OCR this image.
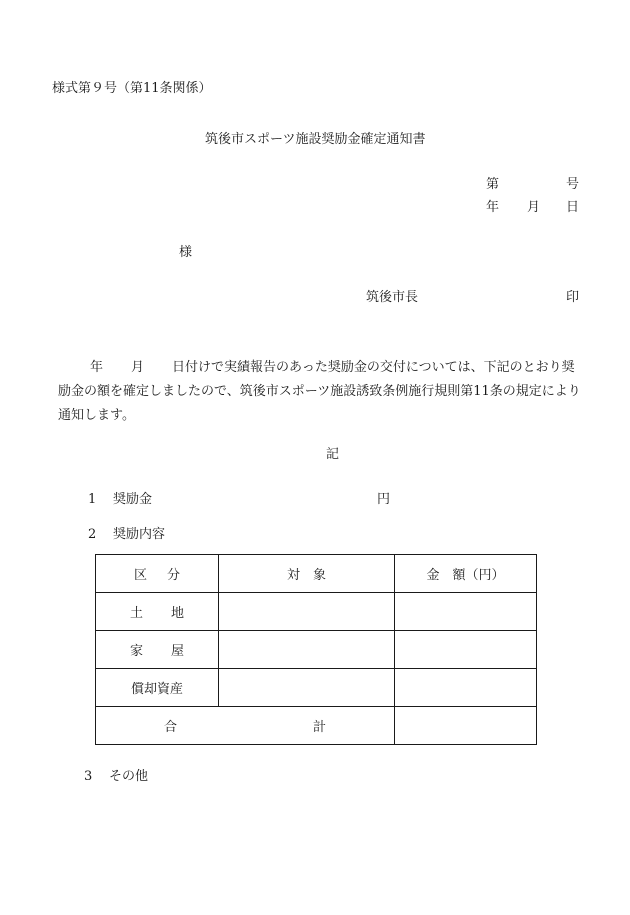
様式第９号（第11条関係）
筑後市スポーツ施設奨励金確定通知書
第	号
年 月 日
様
筑後市長	印
年 月 日付けで実績報告のあった奨励金の交付については、下記のとおり奨励金の額を確定しましたので、筑後市スポーツ施設誘致条例施行規則第11条の規定により通知します。
記
1 奨励金	円
2 奨励内容
区 分	対 象	金　額（円）
土 地		
家 屋		
償却資産		
合 計		
3 その他
